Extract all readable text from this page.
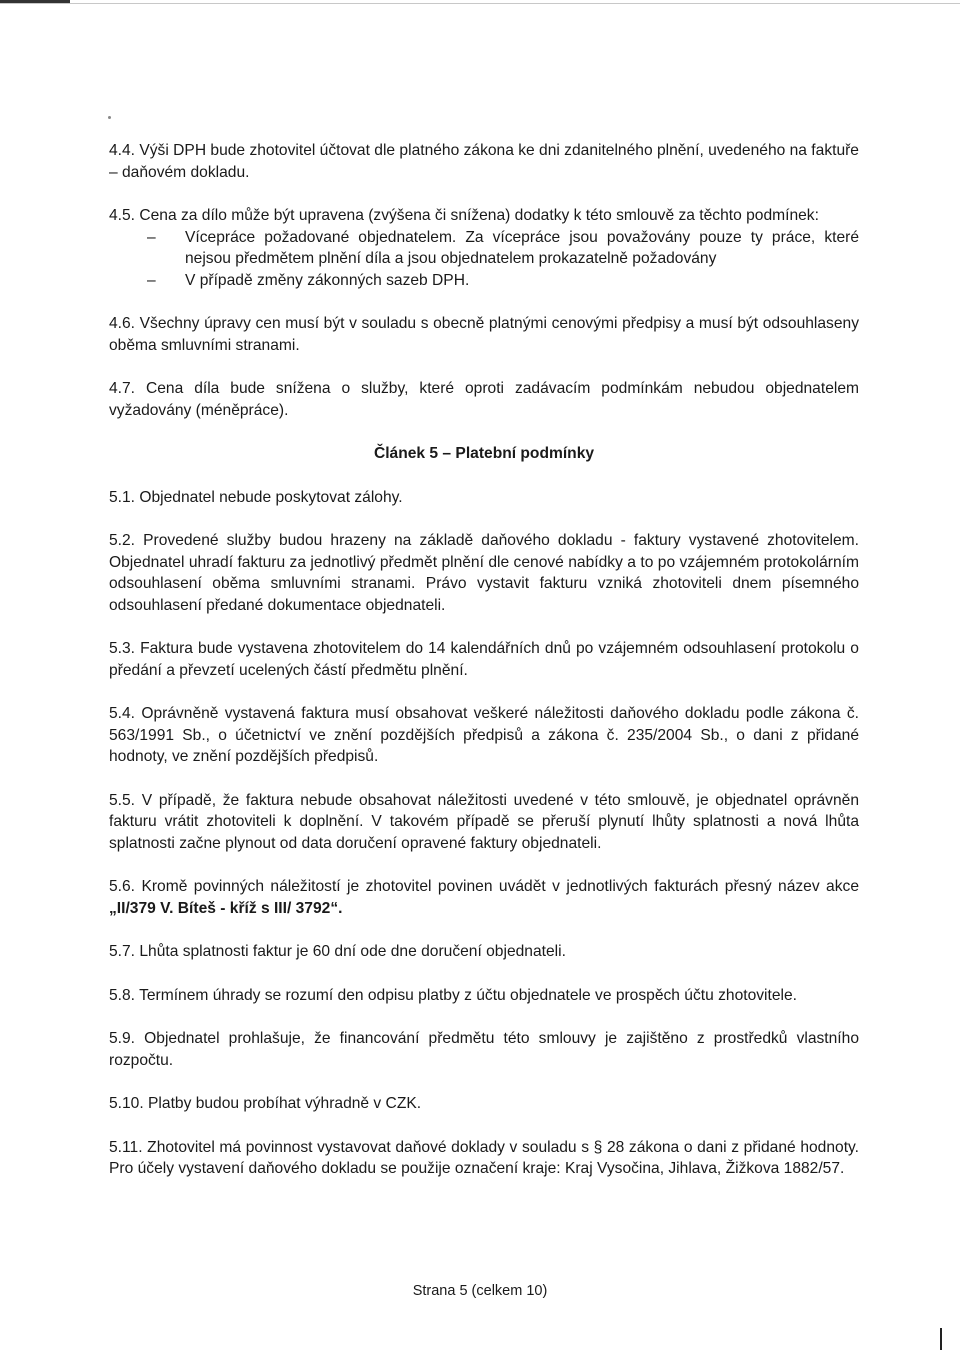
4.4. Výši DPH bude zhotovitel účtovat dle platného zákona ke dni zdanitelného plnění, uvedeného na faktuře – daňovém dokladu.

4.5. Cena za dílo může být upravena (zvýšena či snížena) dodatky k této smlouvě za těchto podmínek:

– Vícepráce požadované objednatelem. Za vícepráce jsou považovány pouze ty práce, které nejsou předmětem plnění díla a jsou objednatelem prokazatelně požadovány

– V případě změny zákonných sazeb DPH.

4.6. Všechny úpravy cen musí být v souladu s obecně platnými cenovými předpisy a musí být odsouhlaseny oběma smluvními stranami.

4.7. Cena díla bude snížena o služby, které oproti zadávacím podmínkám nebudou objednatelem vyžadovány (méněpráce).

Článek 5 – Platební podmínky

5.1. Objednatel nebude poskytovat zálohy.

5.2. Provedené služby budou hrazeny na základě daňového dokladu - faktury vystavené zhotovitelem. Objednatel uhradí fakturu za jednotlivý předmět plnění dle cenové nabídky a to po vzájemném protokolárním odsouhlasení oběma smluvními stranami. Právo vystavit fakturu vzniká zhotoviteli dnem písemného odsouhlasení předané dokumentace objednateli.

5.3. Faktura bude vystavena zhotovitelem do 14 kalendářních dnů po vzájemném odsouhlasení protokolu o předání a převzetí ucelených částí předmětu plnění.

5.4. Oprávněně vystavená faktura musí obsahovat veškeré náležitosti daňového dokladu podle zákona č. 563/1991 Sb., o účetnictví ve znění pozdějších předpisů a zákona č. 235/2004 Sb., o dani z přidané hodnoty, ve znění pozdějších předpisů.

5.5. V případě, že faktura nebude obsahovat náležitosti uvedené v této smlouvě, je objednatel oprávněn fakturu vrátit zhotoviteli k doplnění. V takovém případě se přeruší plynutí lhůty splatnosti a nová lhůta splatnosti začne plynout od data doručení opravené faktury objednateli.

5.6. Kromě povinných náležitostí je zhotovitel povinen uvádět v jednotlivých fakturách přesný název akce „II/379 V. Bíteš - kříž s III/ 3792“.

5.7. Lhůta splatnosti faktur je 60 dní ode dne doručení objednateli.

5.8. Termínem úhrady se rozumí den odpisu platby z účtu objednatele ve prospěch účtu zhotovitele.

5.9. Objednatel prohlašuje, že financování předmětu této smlouvy je zajištěno z prostředků vlastního rozpočtu.

5.10. Platby budou probíhat výhradně v CZK.

5.11. Zhotovitel má povinnost vystavovat daňové doklady v souladu s § 28 zákona o dani z přidané hodnoty. Pro účely vystavení daňového dokladu se použije označení kraje: Kraj Vysočina, Jihlava, Žižkova 1882/57.

Strana 5 (celkem 10)
